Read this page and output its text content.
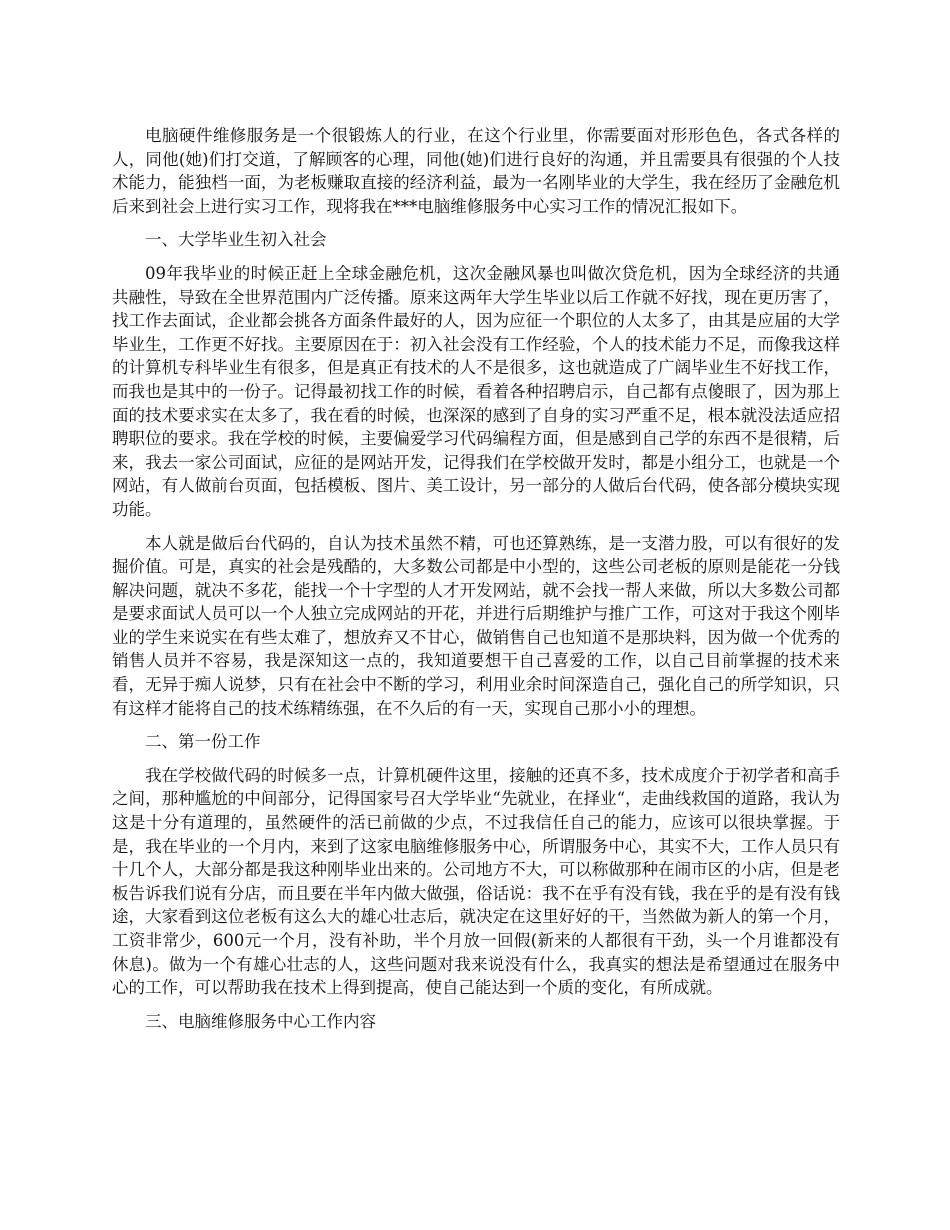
电脑硬件维修服务是一个很锻炼人的行业，在这个行业里，你需要面对形形色色，各式各样的人，同他(她)们打交道，了解顾客的心理，同他(她)们进行良好的沟通，并且需要具有很强的个人技术能力，能独档一面，为老板赚取直接的经济利益，最为一名刚毕业的大学生，我在经历了金融危机后来到社会上进行实习工作，现将我在***电脑维修服务中心实习工作的情况汇报如下。

一、大学毕业生初入社会

09年我毕业的时候正赶上全球金融危机，这次金融风暴也叫做次贷危机，因为全球经济的共通共融性，导致在全世界范围内广泛传播。原来这两年大学生毕业以后工作就不好找，现在更历害了，找工作去面试，企业都会挑各方面条件最好的人，因为应征一个职位的人太多了，由其是应届的大学毕业生，工作更不好找。主要原因在于：初入社会没有工作经验，个人的技术能力不足，而像我这样的计算机专科毕业生有很多，但是真正有技术的人不是很多，这也就造成了广阔毕业生不好找工作，而我也是其中的一份子。记得最初找工作的时候，看着各种招聘启示，自己都有点傻眼了，因为那上面的技术要求实在太多了，我在看的时候，也深深的感到了自身的实习严重不足，根本就没法适应招聘职位的要求。我在学校的时候，主要偏爱学习代码编程方面，但是感到自己学的东西不是很精，后来，我去一家公司面试，应征的是网站开发，记得我们在学校做开发时，都是小组分工，也就是一个网站，有人做前台页面，包括模板、图片、美工设计，另一部分的人做后台代码，使各部分模块实现功能。

本人就是做后台代码的，自认为技术虽然不精，可也还算熟练，是一支潜力股，可以有很好的发掘价值。可是，真实的社会是残酷的，大多数公司都是中小型的，这些公司老板的原则是能花一分钱解决问题，就决不多花，能找一个十字型的人才开发网站，就不会找一帮人来做，所以大多数公司都是要求面试人员可以一个人独立完成网站的开花，并进行后期维护与推广工作，可这对于我这个刚毕业的学生来说实在有些太难了，想放弃又不甘心，做销售自己也知道不是那块料，因为做一个优秀的销售人员并不容易，我是深知这一点的，我知道要想干自己喜爱的工作，以自己目前掌握的技术来看，无异于痴人说梦，只有在社会中不断的学习，利用业余时间深造自己，强化自己的所学知识，只有这样才能将自己的技术练精练强，在不久后的有一天，实现自己那小小的理想。

二、第一份工作

我在学校做代码的时候多一点，计算机硬件这里，接触的还真不多，技术成度介于初学者和高手之间，那种尴尬的中间部分，记得国家号召大学毕业“先就业，在择业“，走曲线救国的道路，我认为这是十分有道理的，虽然硬件的活已前做的少点，不过我信任自己的能力，应该可以很块掌握。于是，我在毕业的一个月内，来到了这家电脑维修服务中心，所谓服务中心，其实不大，工作人员只有十几个人，大部分都是我这种刚毕业出来的。公司地方不大，可以称做那种在闹市区的小店，但是老板告诉我们说有分店，而且要在半年内做大做强，俗话说：我不在乎有没有钱，我在乎的是有没有钱途，大家看到这位老板有这么大的雄心壮志后，就决定在这里好好的干，当然做为新人的第一个月，工资非常少，600元一个月，没有补助，半个月放一回假(新来的人都很有干劲，头一个月谁都没有休息)。做为一个有雄心壮志的人，这些问题对我来说没有什么，我真实的想法是希望通过在服务中心的工作，可以帮助我在技术上得到提高，使自己能达到一个质的变化，有所成就。

三、电脑维修服务中心工作内容
